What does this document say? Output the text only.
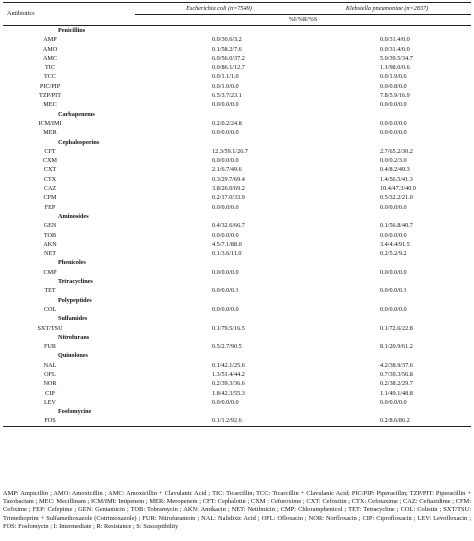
Antibiotics	Escherichia coli (n=7549)	Klebsiella pneumoniae (n=2837)
	%I/%R/%S	
Penicillins		
AMP	0.0/30.6/3.2	0.0/31.4/0.0
AMO	0.1/58.2/7.6	0.0/31.4/0.0
AMC	6.0/56.0/37.2	5.0/39.5/34.7
TIC	0.0/86.1/12.7	1.1/98.0/0.6
TCC	0.0/1.1/1.0	0.0/1.9/0.6
PIC/PIP	0.0/1.0/0.0	0.0/0.8/0.0
TZP/PIT	6.5/3.7/23.1	7.8/5.9/16.9
MEC	0.0/0.0/0.0	0.0/0.0/0.0
Carbapenems		
ICM/IMI	0.2/0.2/24.8	0.0/0.0/0.0
MER	0.0/0.0/0.0	0.0/0.0/0.0
Cephalosporins		
CFT	12.3/59.1/26.7	2.7/65.2/30.2
CXM	0.0/0.0/0.0	0.0/0.2/3.0
CXT	2.1/6.7/49.6	0.4/8.2/49.3
CTX	0.3/29.7/69.4	1.4/56.5/41.3
CAZ	3.8/26.0/69.2	10.4/47.3/40.9
CFM	0.2/17.0/33.9	0.5/32.2/21.0
FEP	0.0/0.0/0.0	0.0/0.0/0.0
Aminosides		
GEN	0.4/32.6/66.7	0.1/56.8/40.7
TOB	0.0/0.0/0.0	0.0/0.0/0.0
AKN	4.5/7.1/88.0	3.4/4.4/91.5
NET	0.1/3.6/11.0	0.2/5.2/9.2
Phenicoles		
CMP	0.0/0.0/0.0	0.0/0.0/0.0
Tetracyclines		
TET	0.0/0.0/0.1	0.0/0.0/0.1
Polypeptides		
COL	0.0/0.0/0.0	0.0/0.0/0.0
Sulfamides		
SXT/TSU	0.1/79.5/16.5	0.1/72.6/22.8
Nitrofurans		
FUR	0.5/2.7/90.5	8.1/20.9/61.2
Quinolones		
NAL	0.1/42.1/25.6	4.2/38.9/37.6
OFL	1.3/51.4/44.2	0.7/39.3/56.8
NOR	0.2/39.3/36.6	0.2/38.2/29.7
CIP	1.8/42.3/55.3	1.1/49.1/48.8
LEV	0.0/0.0/0.0	0.0/0.0/0.0
Fosfomycine		
FOS	0.1/1.2/92.6	0.2/8.6/86.2
AMP: Ampicillin ; AMO: Amoxicillin ; AMC: Amoxicillin + Clavulanic Acid ; TIC: Ticarcillin; TCC: Ticarcillin + Clavulanic Acid; PIC/PIP: Piperacillin; TZP/PIT: Piperacillin + Tazobactam ; MEC: Mecillinam ; ICM/IMI: Imipenem ; MER: Meropenem ; CFT: Cephalotin ; CXM : Cefuroxime ; CXT: Cefoxitin ; CTX: Cefotaxime ; CAZ: Ceftazidime ; CFM: Cefixime ; FEP: Cefepime ; GEN: Gentamicin ; TOB: Tobramycin ; AKN: Amikacin ; NET: Netilmicin ; CMP: Chloramphenicol ; TET: Tetracycline ; COL: Colistin ; SXT/TSU: Trimethoprim + Sulfamethoxazole (Cotrimoxazole) ; FUR: Nitrofurantoin ; NAL: Nalidixic Acid ; OFL: Ofloxacin ; NOR: Norfloxacin ; CIP: Ciprofloxacin ; LEV: Levofloxacin ; FOS: Fosfomycin ; I: Intermediate ; R: Resistance ; S: Susceptibility
